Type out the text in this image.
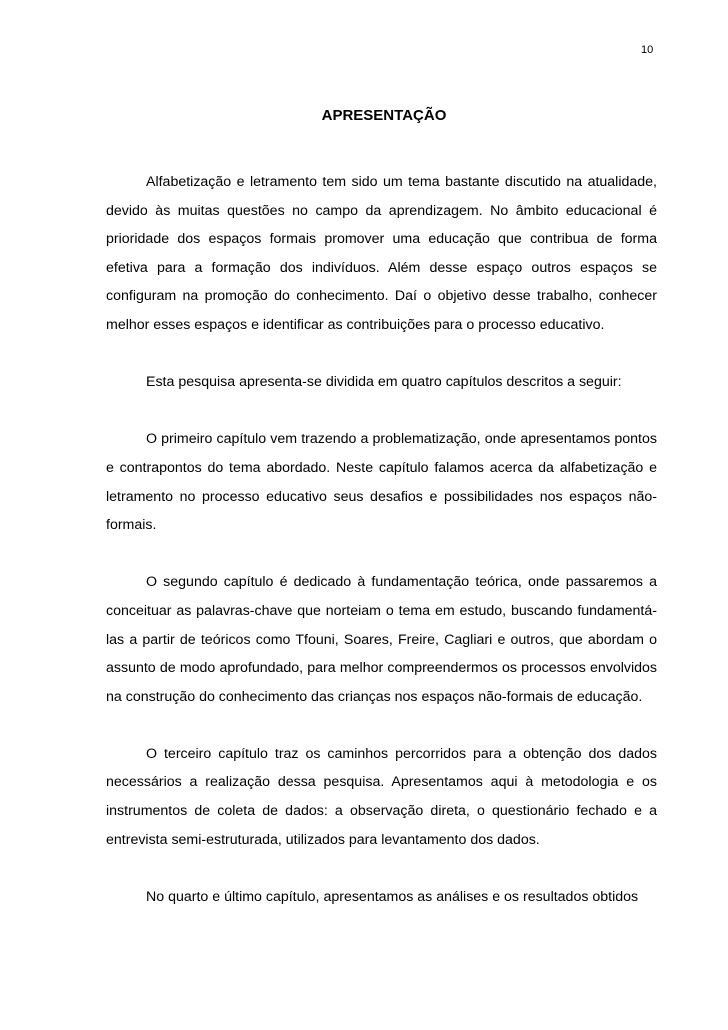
10
APRESENTAÇÃO

Alfabetização e letramento tem sido um tema bastante discutido na atualidade, devido às muitas questões no campo da aprendizagem. No âmbito educacional é prioridade dos espaços formais promover uma educação que contribua de forma efetiva para a formação dos indivíduos. Além desse espaço outros espaços se configuram na promoção do conhecimento. Daí o objetivo desse trabalho, conhecer melhor esses espaços e identificar as contribuições para o processo educativo.

Esta pesquisa apresenta-se dividida em quatro capítulos descritos a seguir:

O primeiro capítulo vem trazendo a problematização, onde apresentamos pontos e contrapontos do tema abordado. Neste capítulo falamos acerca da alfabetização e letramento no processo educativo seus desafios e possibilidades nos espaços não-formais.

O segundo capítulo é dedicado à fundamentação teórica, onde passaremos a conceituar as palavras-chave que norteiam o tema em estudo, buscando fundamentá-las a partir de teóricos como Tfouni, Soares, Freire, Cagliari e outros, que abordam o assunto de modo aprofundado, para melhor compreendermos os processos envolvidos na construção do conhecimento das crianças nos espaços não-formais de educação.

O terceiro capítulo traz os caminhos percorridos para a obtenção dos dados necessários a realização dessa pesquisa. Apresentamos aqui à metodologia e os instrumentos de coleta de dados: a observação direta, o questionário fechado e a entrevista semi-estruturada, utilizados para levantamento dos dados.

No quarto e último capítulo, apresentamos as análises e os resultados obtidos
